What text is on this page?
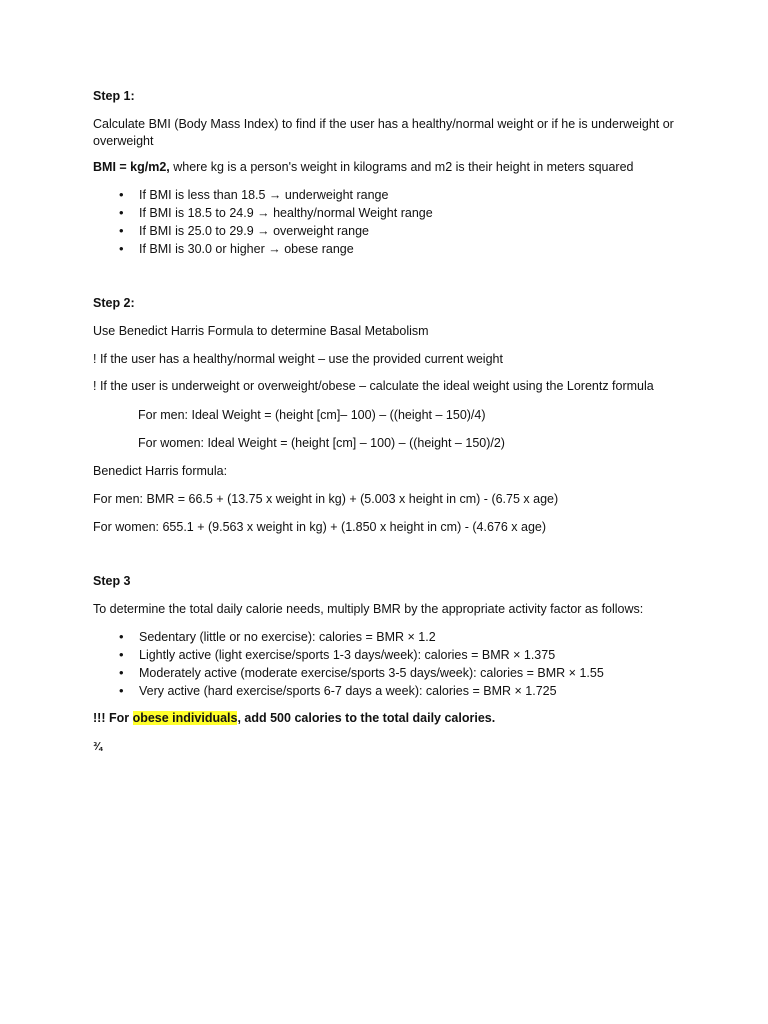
Step 1:

Calculate BMI (Body Mass Index) to find if the user has a healthy/normal weight or if he is underweight or overweight

BMI = kg/m2, where kg is a person's weight in kilograms and m2 is their height in meters squared

• If BMI is less than 18.5 → underweight range
• If BMI is 18.5 to 24.9 → healthy/normal Weight range
• If BMI is 25.0 to 29.9 → overweight range
• If BMI is 30.0 or higher → obese range

Step 2:

Use Benedict Harris Formula to determine Basal Metabolism

! If the user has a healthy/normal weight – use the provided current weight

! If the user is underweight or overweight/obese – calculate the ideal weight using the Lorentz formula

For men: Ideal Weight = (height [cm]– 100) – ((height – 150)/4)

For women: Ideal Weight = (height [cm] – 100) – ((height – 150)/2)

Benedict Harris formula:

For men: BMR = 66.5 + (13.75 x weight in kg) + (5.003 x height in cm) - (6.75 x age)

For women: 655.1 + (9.563 x weight in kg) + (1.850 x height in cm) - (4.676 x age)

Step 3

To determine the total daily calorie needs, multiply BMR by the appropriate activity factor as follows:

• Sedentary (little or no exercise): calories = BMR × 1.2
• Lightly active (light exercise/sports 1-3 days/week): calories = BMR × 1.375
• Moderately active (moderate exercise/sports 3-5 days/week): calories = BMR × 1.55
• Very active (hard exercise/sports 6-7 days a week): calories = BMR × 1.725

!!! For obese individuals, add 500 calories to the total daily calories.

¾
